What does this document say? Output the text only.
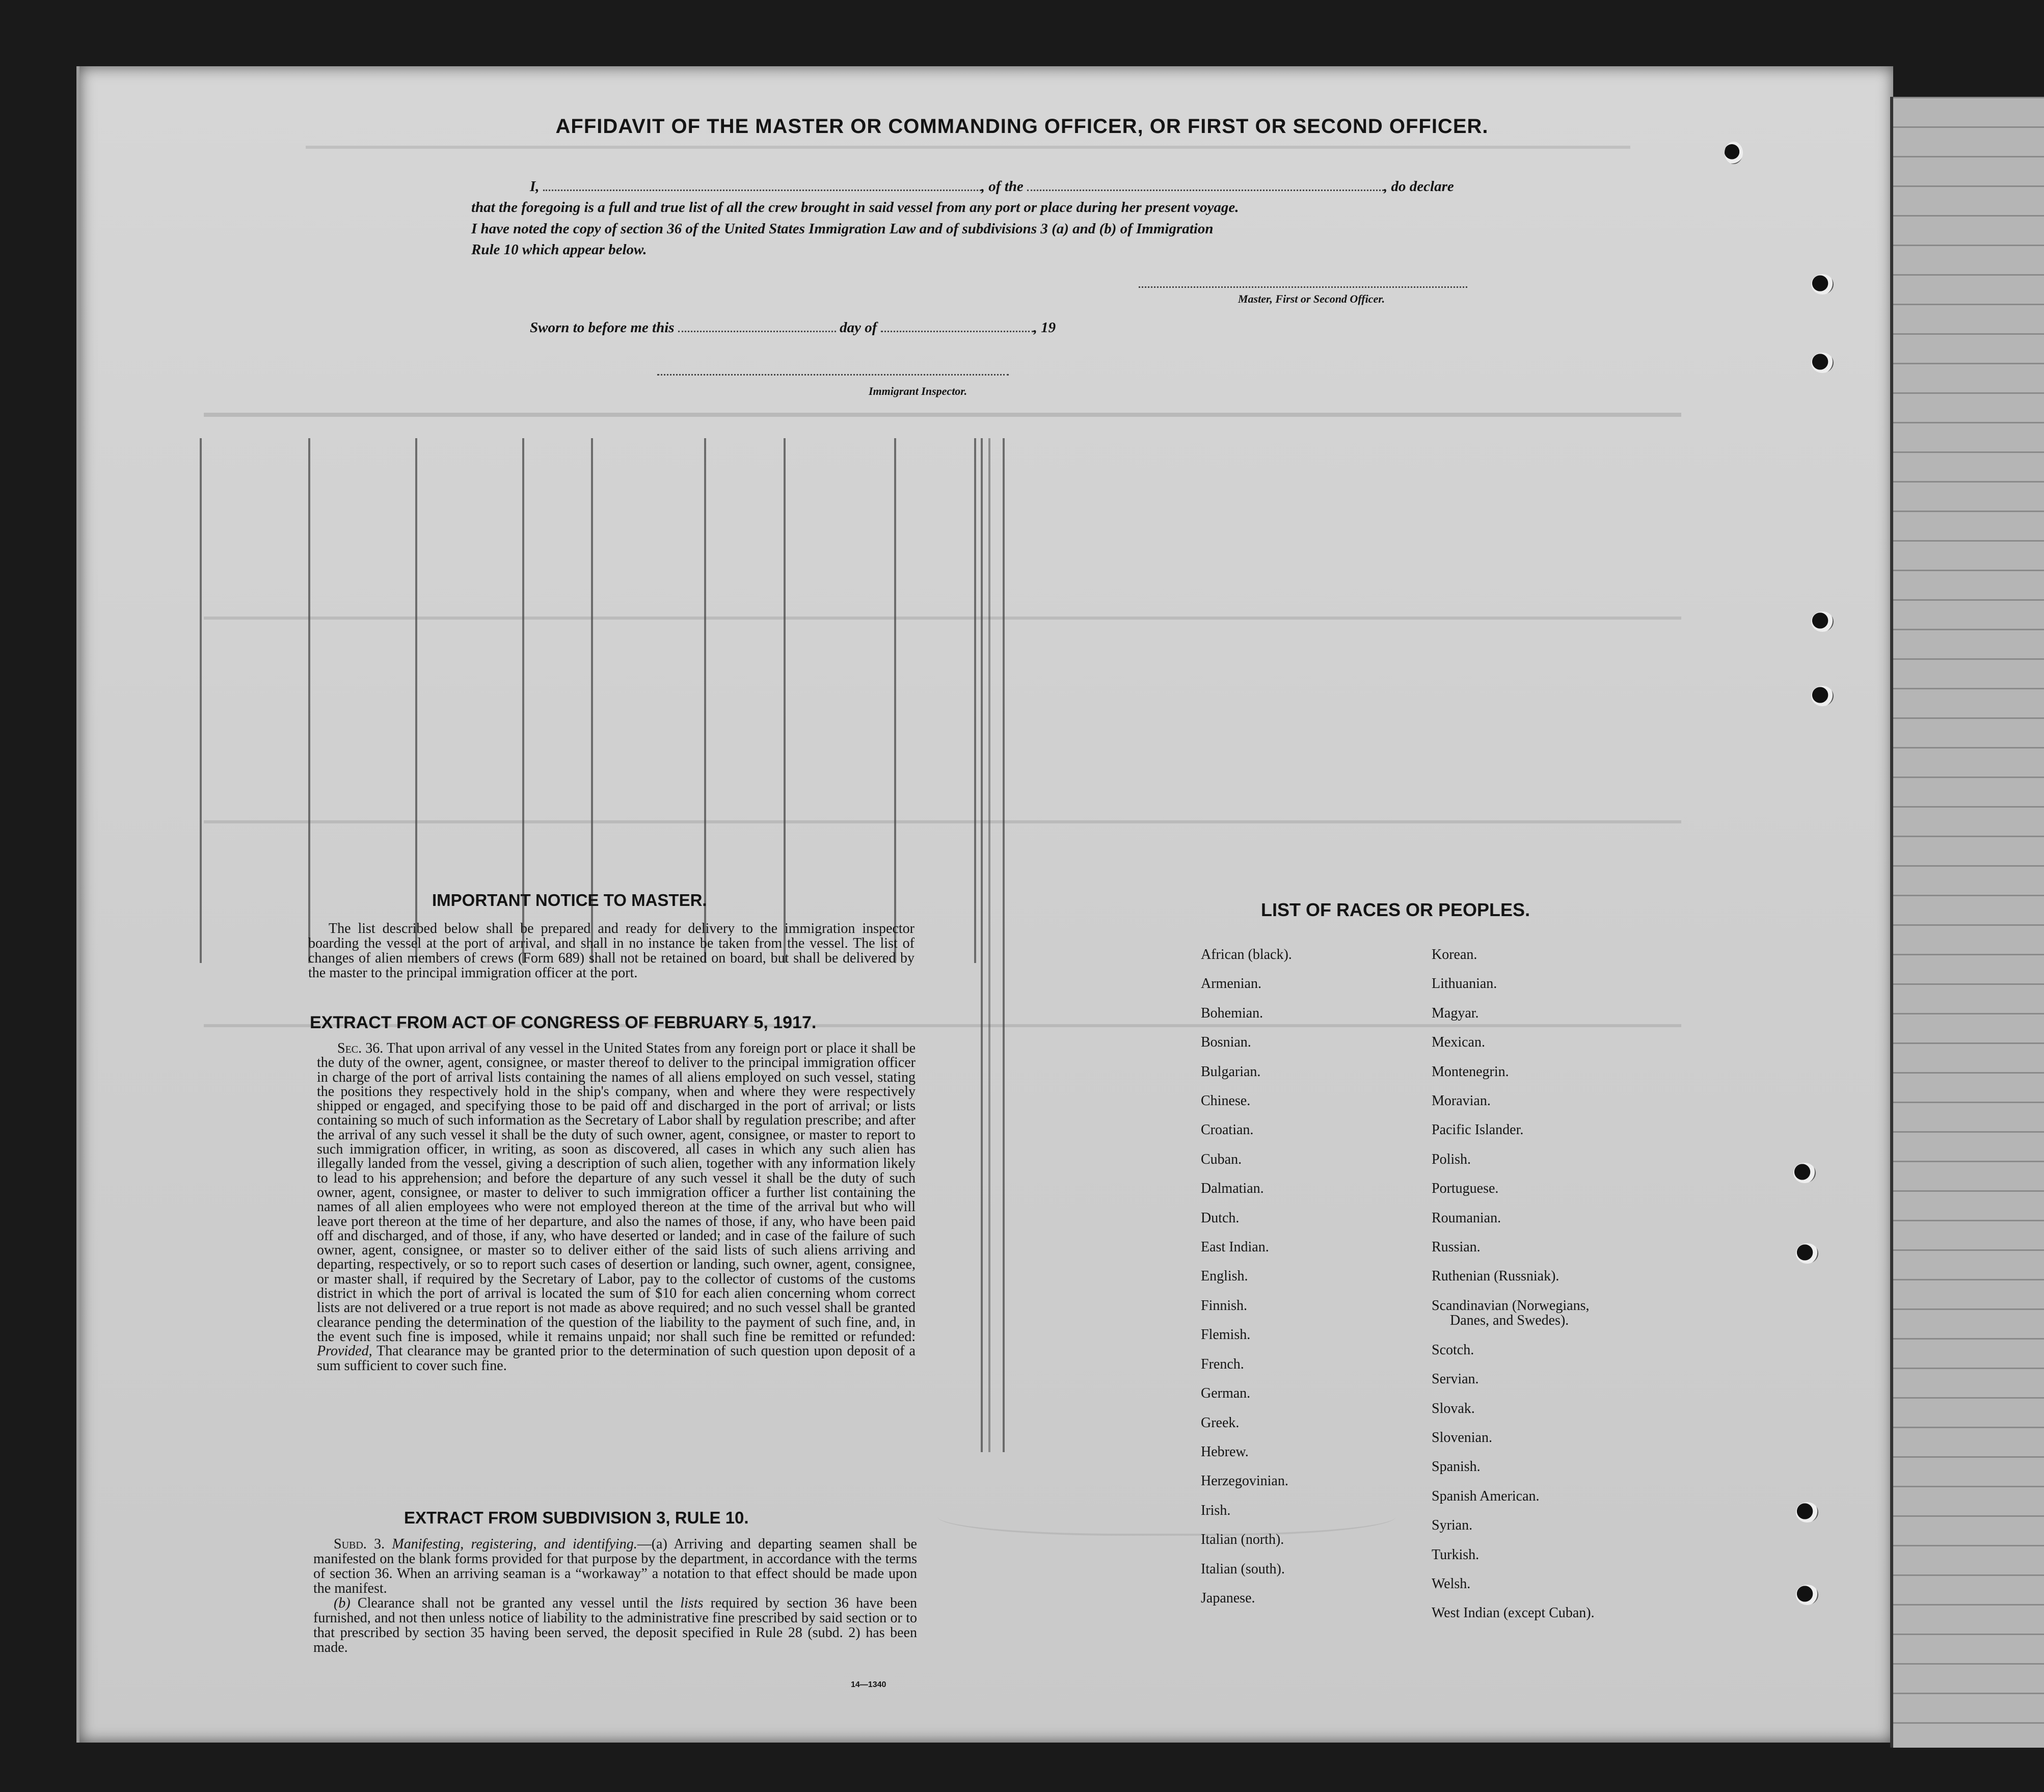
AFFIDAVIT OF THE MASTER OR COMMANDING OFFICER, OR FIRST OR SECOND OFFICER.
I,	, of the	, do declare
that the foregoing is a full and true list of all the crew brought in said vessel from any port or place during her present voyage.
I have noted the copy of section 36 of the United States Immigration Law and of subdivisions 3 (a) and (b) of Immigration
Rule 10 which appear below.
Master, First or Second Officer.
Sworn to before me this	day of	, 19
Immigrant Inspector.
IMPORTANT NOTICE TO MASTER.

The list described below shall be prepared and ready for delivery to the immigration inspector boarding the vessel at the port of arrival, and shall in no instance be taken from the vessel. The list of changes of alien members of crews (Form 689) shall not be retained on board, but shall be delivered by the master to the principal immigration officer at the port.

EXTRACT FROM ACT OF CONGRESS OF FEBRUARY 5, 1917.

Sec. 36. That upon arrival of any vessel in the United States from any foreign port or place it shall be the duty of the owner, agent, consignee, or master thereof to deliver to the principal immigration officer in charge of the port of arrival lists containing the names of all aliens employed on such vessel, stating the positions they respectively hold in the ship's company, when and where they were respectively shipped or engaged, and specifying those to be paid off and discharged in the port of arrival; or lists containing so much of such information as the Secretary of Labor shall by regulation prescribe; and after the arrival of any such vessel it shall be the duty of such owner, agent, consignee, or master to report to such immigration officer, in writing, as soon as discovered, all cases in which any such alien has illegally landed from the vessel, giving a description of such alien, together with any information likely to lead to his apprehension; and before the departure of any such vessel it shall be the duty of such owner, agent, consignee, or master to deliver to such immigration officer a further list containing the names of all alien employees who were not employed thereon at the time of the arrival but who will leave port thereon at the time of her departure, and also the names of those, if any, who have been paid off and discharged, and of those, if any, who have deserted or landed; and in case of the failure of such owner, agent, consignee, or master so to deliver either of the said lists of such aliens arriving and departing, respectively, or so to report such cases of desertion or landing, such owner, agent, consignee, or master shall, if required by the Secretary of Labor, pay to the collector of customs of the customs district in which the port of arrival is located the sum of $10 for each alien concerning whom correct lists are not delivered or a true report is not made as above required; and no such vessel shall be granted clearance pending the determination of the question of the liability to the payment of such fine, and, in the event such fine is imposed, while it remains unpaid; nor shall such fine be remitted or refunded: Provided, That clearance may be granted prior to the determination of such question upon deposit of a sum sufficient to cover such fine.

EXTRACT FROM SUBDIVISION 3, RULE 10.

Subd. 3. Manifesting, registering, and identifying.—(a) Arriving and departing seamen shall be manifested on the blank forms provided for that purpose by the department, in accordance with the terms of section 36. When an arriving seaman is a “workaway” a notation to that effect should be made upon the manifest.

(b) Clearance shall not be granted any vessel until the lists required by section 36 have been furnished, and not then unless notice of liability to the administrative fine prescribed by said section or to that prescribed by section 35 having been served, the deposit specified in Rule 28 (subd. 2) has been made.

14—1340
LIST OF RACES OR PEOPLES.
African (black).
Armenian.
Bohemian.
Bosnian.
Bulgarian.
Chinese.
Croatian.
Cuban.
Dalmatian.
Dutch.
East Indian.
English.
Finnish.
Flemish.
French.
German.
Greek.
Hebrew.
Herzegovinian.
Irish.
Italian (north).
Italian (south).
Japanese.
Korean.
Lithuanian.
Magyar.
Mexican.
Montenegrin.
Moravian.
Pacific Islander.
Polish.
Portuguese.
Roumanian.
Russian.
Ruthenian (Russniak).
Scandinavian (Norwegians,
Danes, and Swedes).
Scotch.
Servian.
Slovak.
Slovenian.
Spanish.
Spanish American.
Syrian.
Turkish.
Welsh.
West Indian (except Cuban).
